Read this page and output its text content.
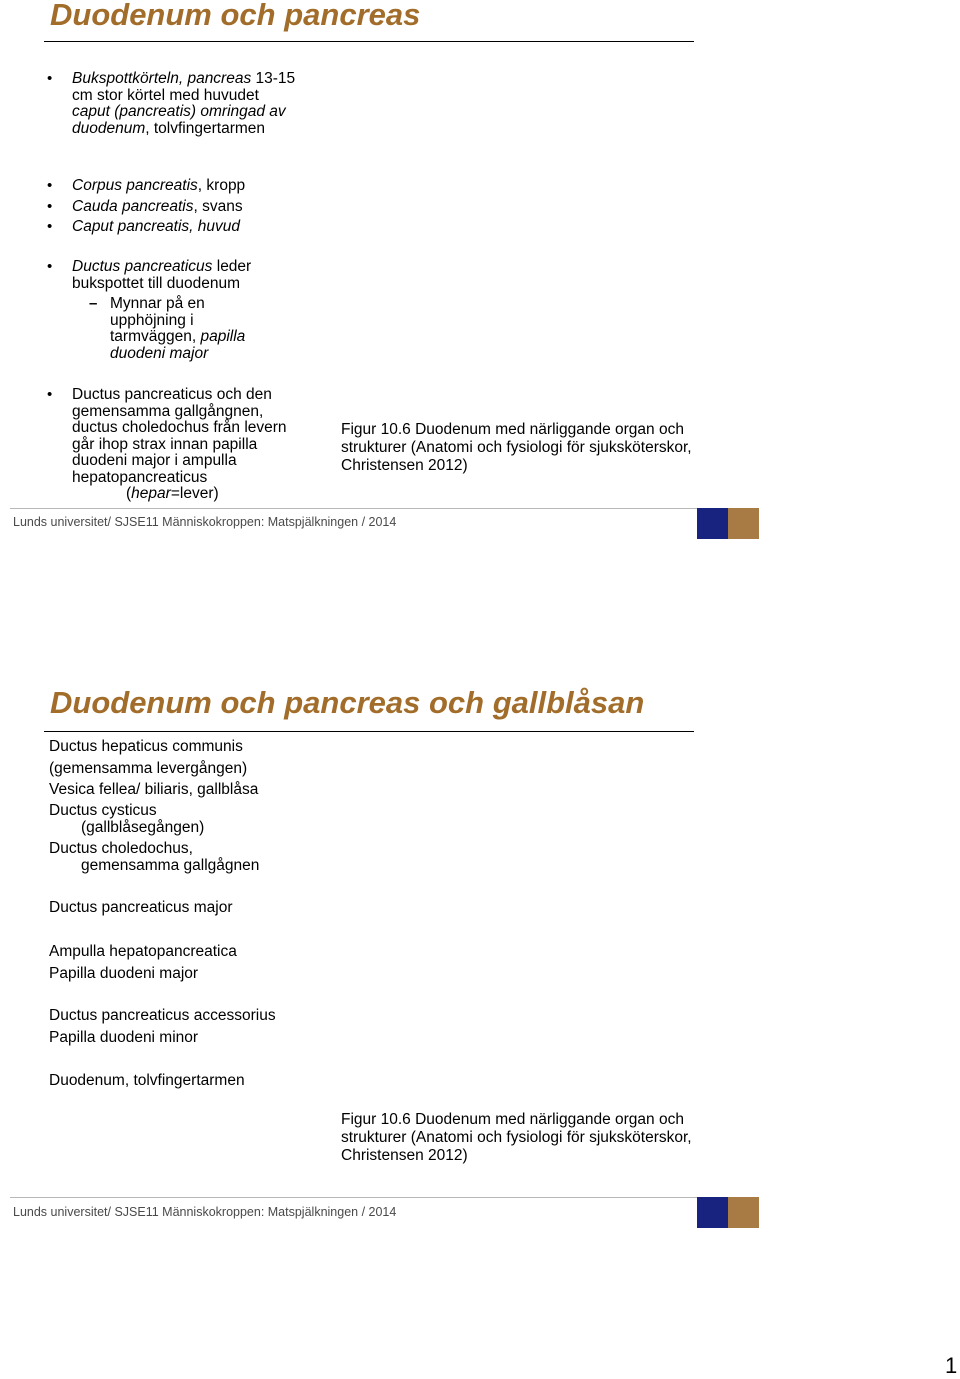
Duodenum och pancreas
• Bukspottkörteln, pancreas 13-15 cm stor körtel med huvudet caput (pancreatis) omringad av duodenum, tolvfingertarmen
• Corpus pancreatis, kropp
• Cauda pancreatis, svans
• Caput pancreatis, huvud
• Ductus pancreaticus leder bukspottet till duodenum
– Mynnar på en upphöjning i tarmväggen, papilla duodeni major
• Ductus pancreaticus och den gemensamma gallgångnen, ductus choledochus från levern går ihop strax innan papilla duodeni major i ampulla hepatopancreaticus
(hepar=lever)
Figur 10.6 Duodenum med närliggande organ och strukturer (Anatomi och fysiologi för sjuksköterskor, Christensen 2012)
Lunds universitet/ SJSE11 Människokroppen: Matspjälkningen / 2014
Duodenum och pancreas och gallblåsan
Ductus hepaticus communis
(gemensamma levergången)
Vesica fellea/ biliaris, gallblåsa
Ductus cysticus
(gallblåsegången)
Ductus choledochus,
gemensamma gallgågnen
Ductus pancreaticus major
Ampulla hepatopancreatica
Papilla duodeni major
Ductus pancreaticus accessorius
Papilla duodeni minor
Duodenum, tolvfingertarmen
Figur 10.6 Duodenum med närliggande organ och strukturer (Anatomi och fysiologi för sjuksköterskor, Christensen 2012)
Lunds universitet/ SJSE11 Människokroppen: Matspjälkningen / 2014
1
